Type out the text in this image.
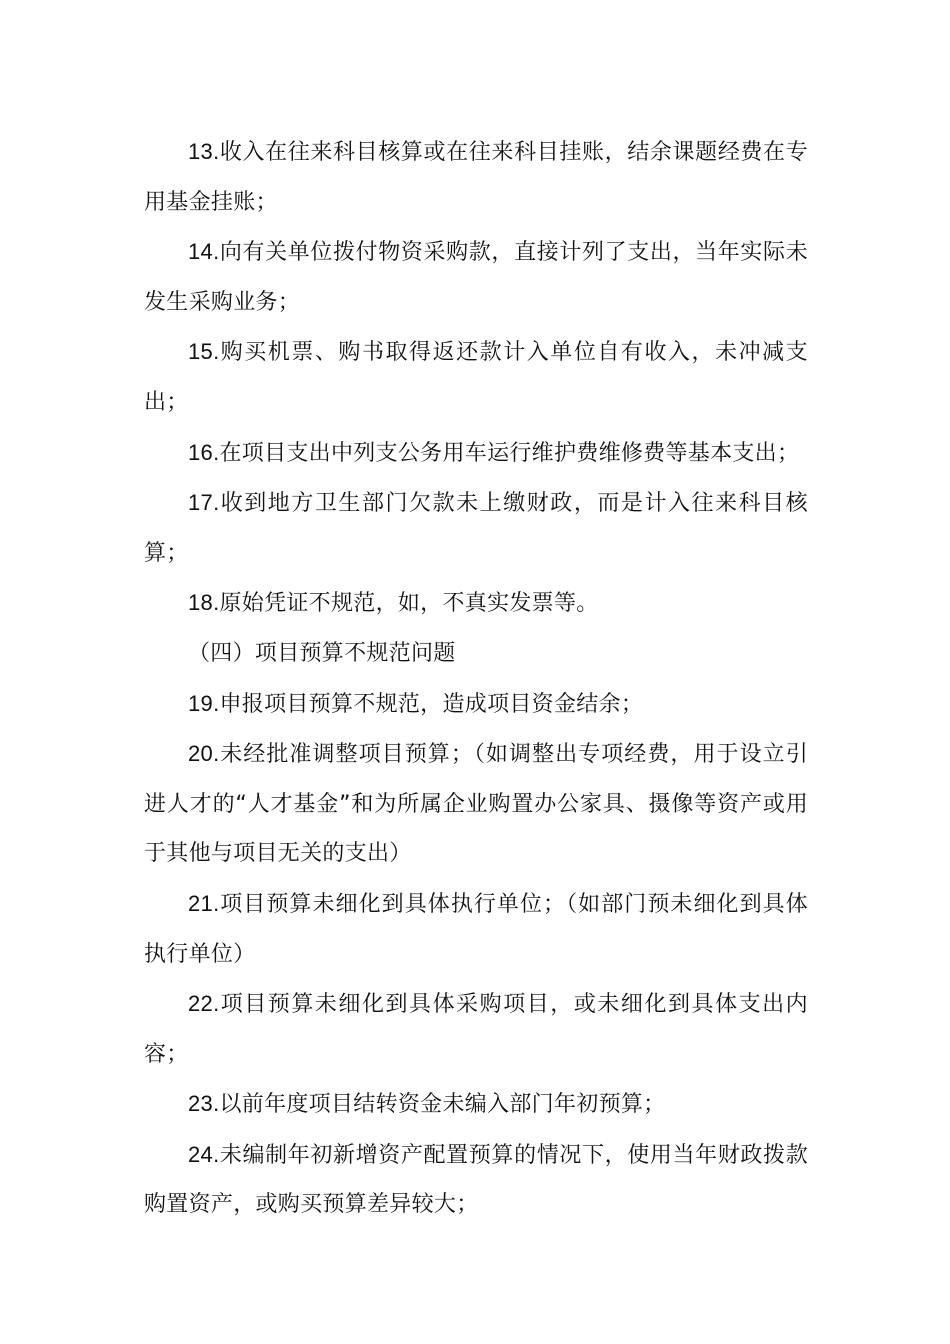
13.收入在往来科目核算或在往来科目挂账，结余课题经费在专用基金挂账；

14.向有关单位拨付物资采购款，直接计列了支出，当年实际未发生采购业务；

15.购买机票、购书取得返还款计入单位自有收入，未冲减支出；

16.在项目支出中列支公务用车运行维护费维修费等基本支出；

17.收到地方卫生部门欠款未上缴财政，而是计入往来科目核算；

18.原始凭证不规范，如，不真实发票等。

（四）项目预算不规范问题

19.申报项目预算不规范，造成项目资金结余；

20.未经批准调整项目预算；（如调整出专项经费，用于设立引进人才的“人才基金”和为所属企业购置办公家具、摄像等资产或用于其他与项目无关的支出）

21.项目预算未细化到具体执行单位；（如部门预未细化到具体执行单位）

22.项目预算未细化到具体采购项目，或未细化到具体支出内容；

23.以前年度项目结转资金未编入部门年初预算；

24.未编制年初新增资产配置预算的情况下，使用当年财政拨款购置资产，或购买预算差异较大；
